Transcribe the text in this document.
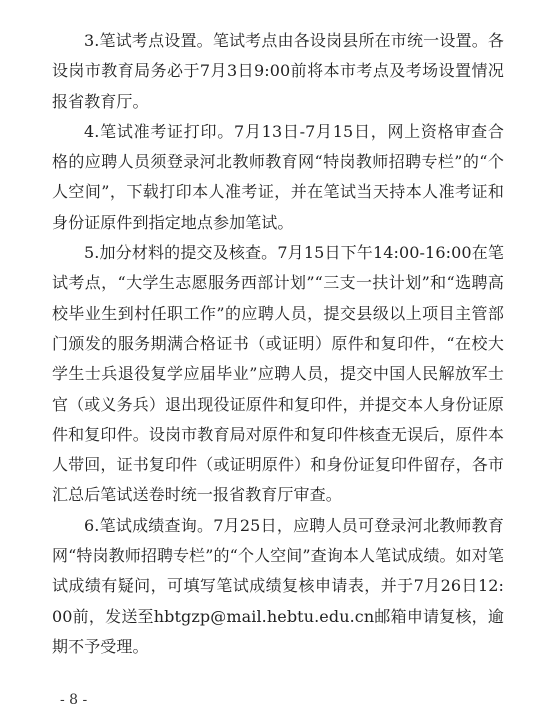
3.笔试考点设置。笔试考点由各设岗县所在市统一设置。各设岗市教育局务必于7月3日9:00前将本市考点及考场设置情况报省教育厅。

4.笔试准考证打印。7月13日-7月15日，网上资格审查合格的应聘人员须登录河北教师教育网“特岗教师招聘专栏”的“个人空间”，下载打印本人准考证，并在笔试当天持本人准考证和身份证原件到指定地点参加笔试。

5.加分材料的提交及核查。7月15日下午14:00-16:00在笔试考点，“大学生志愿服务西部计划”“三支一扶计划”和“选聘高校毕业生到村任职工作”的应聘人员，提交县级以上项目主管部门颁发的服务期满合格证书（或证明）原件和复印件，“在校大学生士兵退役复学应届毕业”应聘人员，提交中国人民解放军士官（或义务兵）退出现役证原件和复印件，并提交本人身份证原件和复印件。设岗市教育局对原件和复印件核查无误后，原件本人带回，证书复印件（或证明原件）和身份证复印件留存，各市汇总后笔试送卷时统一报省教育厅审查。

6.笔试成绩查询。7月25日，应聘人员可登录河北教师教育网“特岗教师招聘专栏”的“个人空间”查询本人笔试成绩。如对笔试成绩有疑问，可填写笔试成绩复核申请表，并于7月26日12:00前，发送至hbtgzp@mail.hebtu.edu.cn邮箱申请复核，逾期不予受理。

- 8 -
